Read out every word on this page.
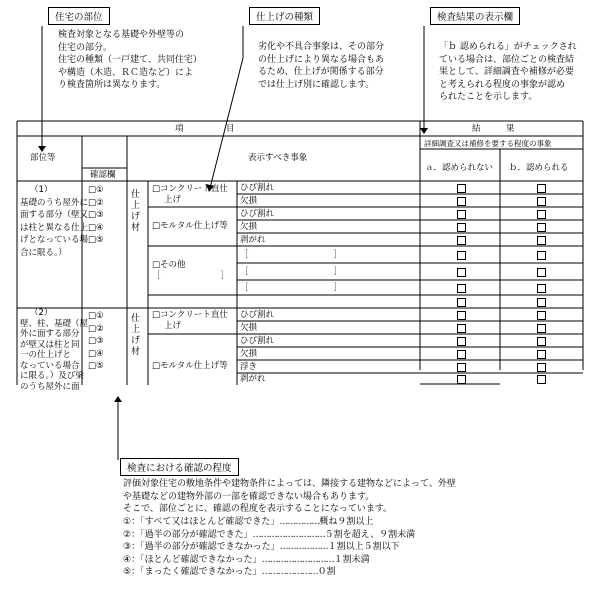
住宅の部位
検査対象となる基礎や外壁等の
住宅の部分。
住宅の種類（一戸建て、共同住宅）
や構造（木造、ＲＣ造など）によ
り検査箇所は異なります。
仕上げの種類
劣化や不具合事象は、その部分
の仕上げにより異なる場合もあ
るため、仕上げが関係する部分
では仕上げ別に確認します。
検査結果の表示欄
「ｂ 認められる」がチェックされ
ている場合は、部位ごとの検査結
果として、詳細調査や補修が必要
と考えられる程度の事象が認め
られたことを示します。
項　　　　　目	結　　　果
詳細調査又は補修を要する程度の事象
部位等
確認欄
表示すべき事象
ａ．認められない ｂ．認められる
（1）
基礎のうち屋外に
面する部分（壁又
は柱と異なる仕上
げとなっている場
合に限る。）
□①
□②
□③
□④
□⑤
仕上げ材
□コンクリート直仕
上げ
□モルタル仕上げ等
□その他
［　　　　　　　］
ひび割れ
欠損
ひび割れ
欠損
剥がれ
［　　　　　　　　　　］
［　　　　　　　　　　］
［　　　　　　　　　　］
（2）
壁、柱、基礎（屋
外に面する部分
が壁又は柱と同
一の仕上げと
なっている場合
に限る。）及び梁
のうち屋外に面
□①
□②
□③
□④
□⑤
仕上げ材
□コンクリート直仕
上げ
□モルタル仕上げ等
ひび割れ
欠損
ひび割れ
欠損
浮き
剥がれ
検査における確認の程度
評価対象住宅の敷地条件や建物条件によっては、隣接する建物などによって、外壁
や基礎などの建物外部の一部を確認できない場合もあります。
そこで、部位ごとに、確認の程度を表示することになっています。
①：「すべて又はほとんど確認できた」……………概ね９割以上
②：「過半の部分が確認できた」………………………５割を超え、９割未満
③：「過半の部分が確認できなかった」………………１割以上５割以下
④：「ほとんど確認できなかった」………………………１割未満
⑤：「まったく確認できなかった」…………………０割
